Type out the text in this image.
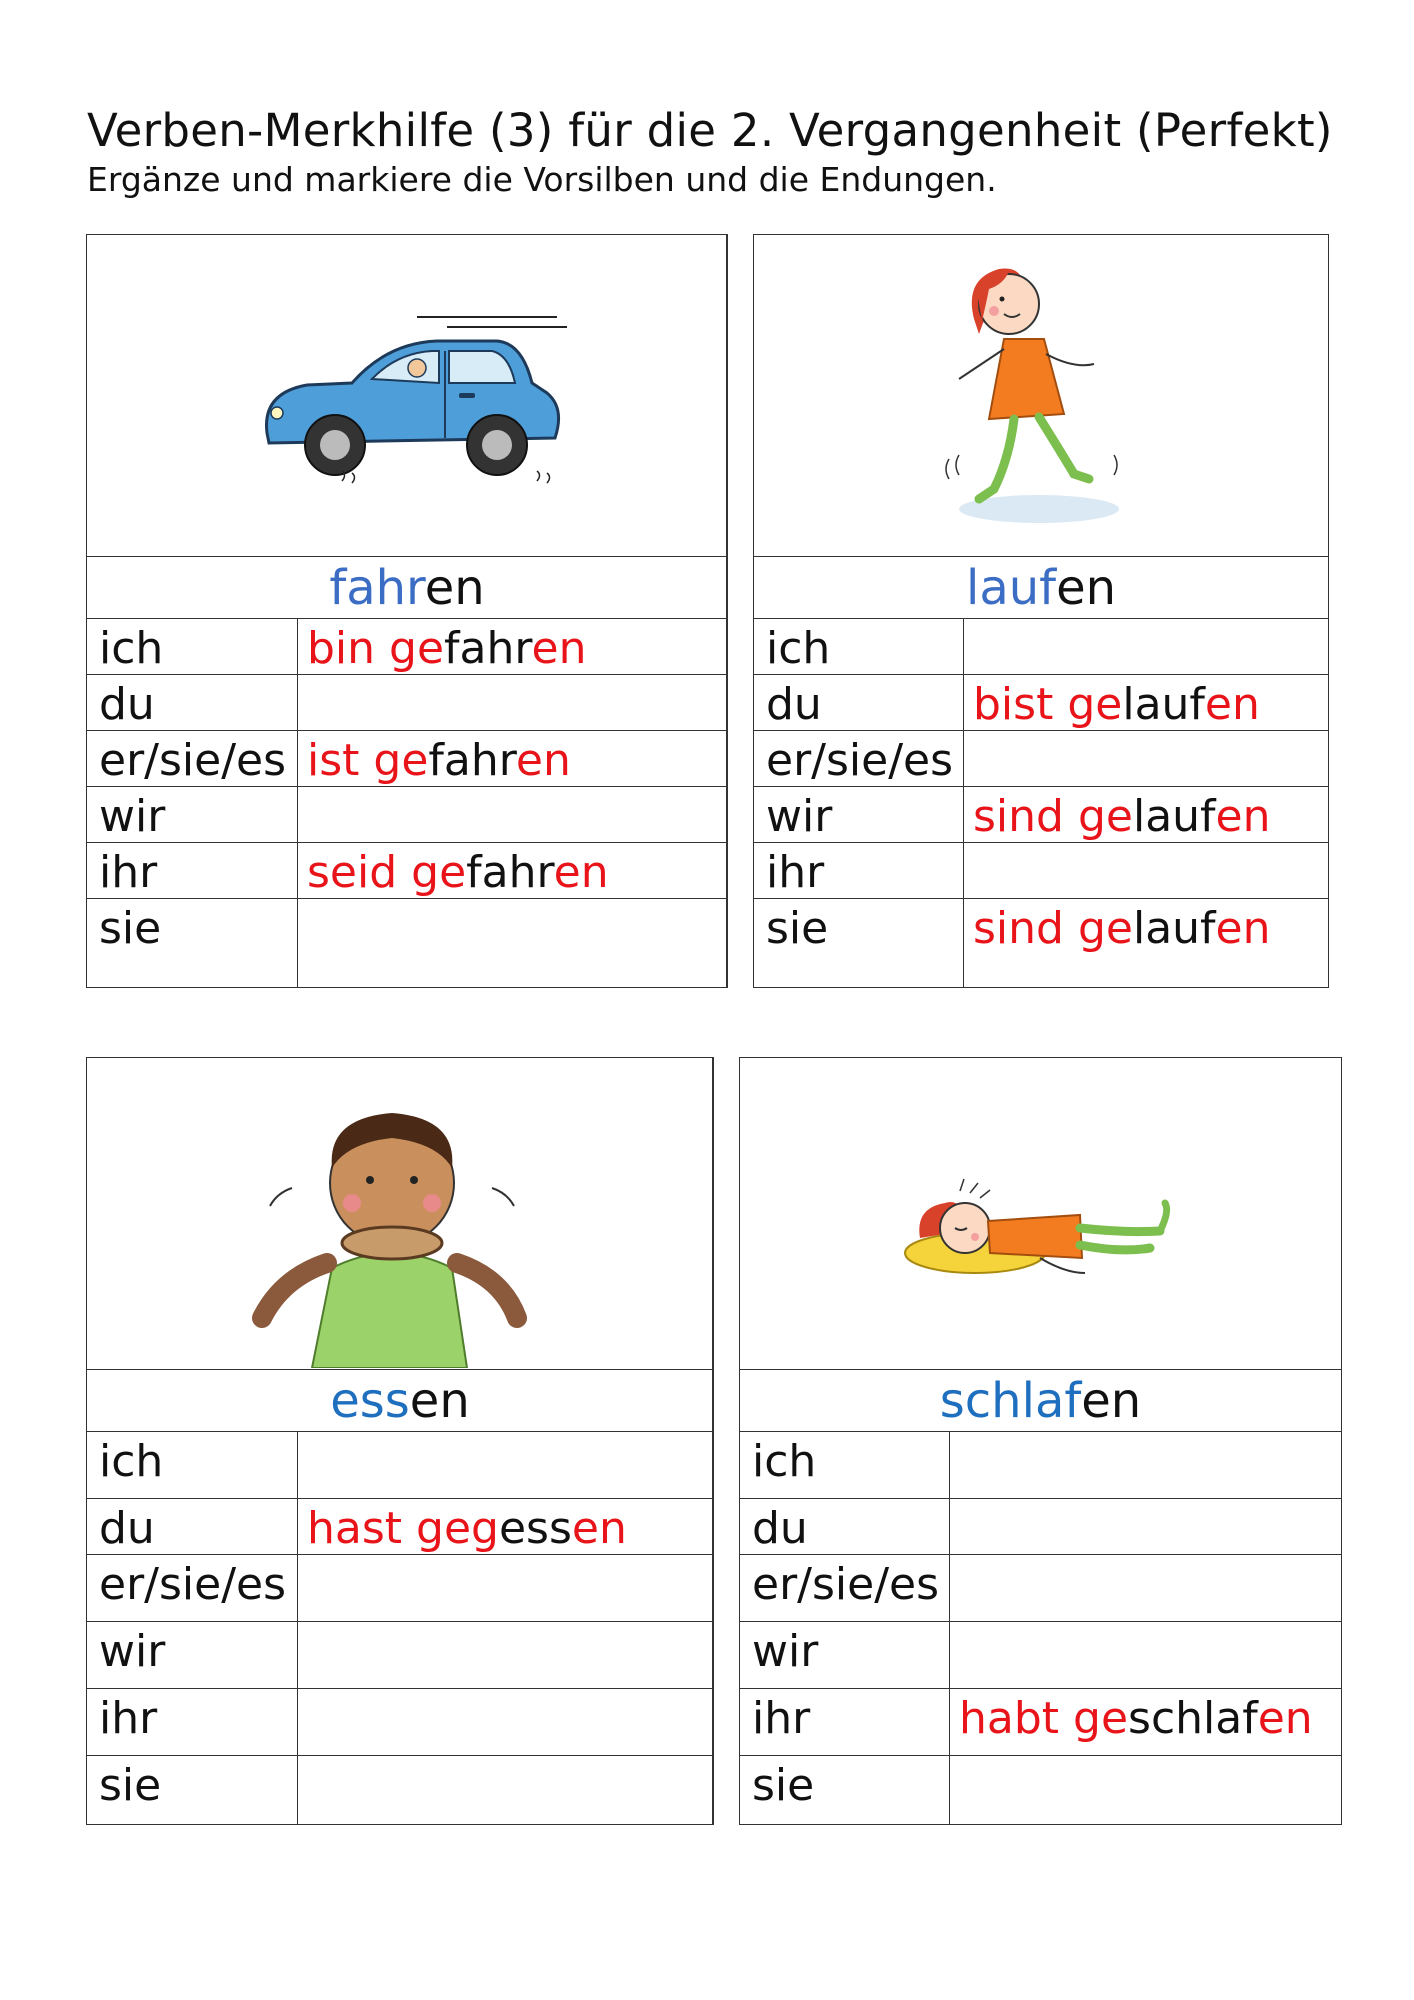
Verben-Merkhilfe (3) für die 2. Vergangenheit (Perfekt)
Ergänze und markiere die Vorsilben und die Endungen.
fahren
ich	bin gefahren
du
er/sie/es ist gefahren
wir
ihr	seid gefahren
sie
laufen
ich
du	bist gelaufen
er/sie/es
wir	sind gelaufen
ihr
sie	sind gelaufen
essen
ich
du	hast gegessen
er/sie/es
wir
ihr
sie
schlafen
ich
du
er/sie/es
wir
ihr	habt geschlafen
sie
